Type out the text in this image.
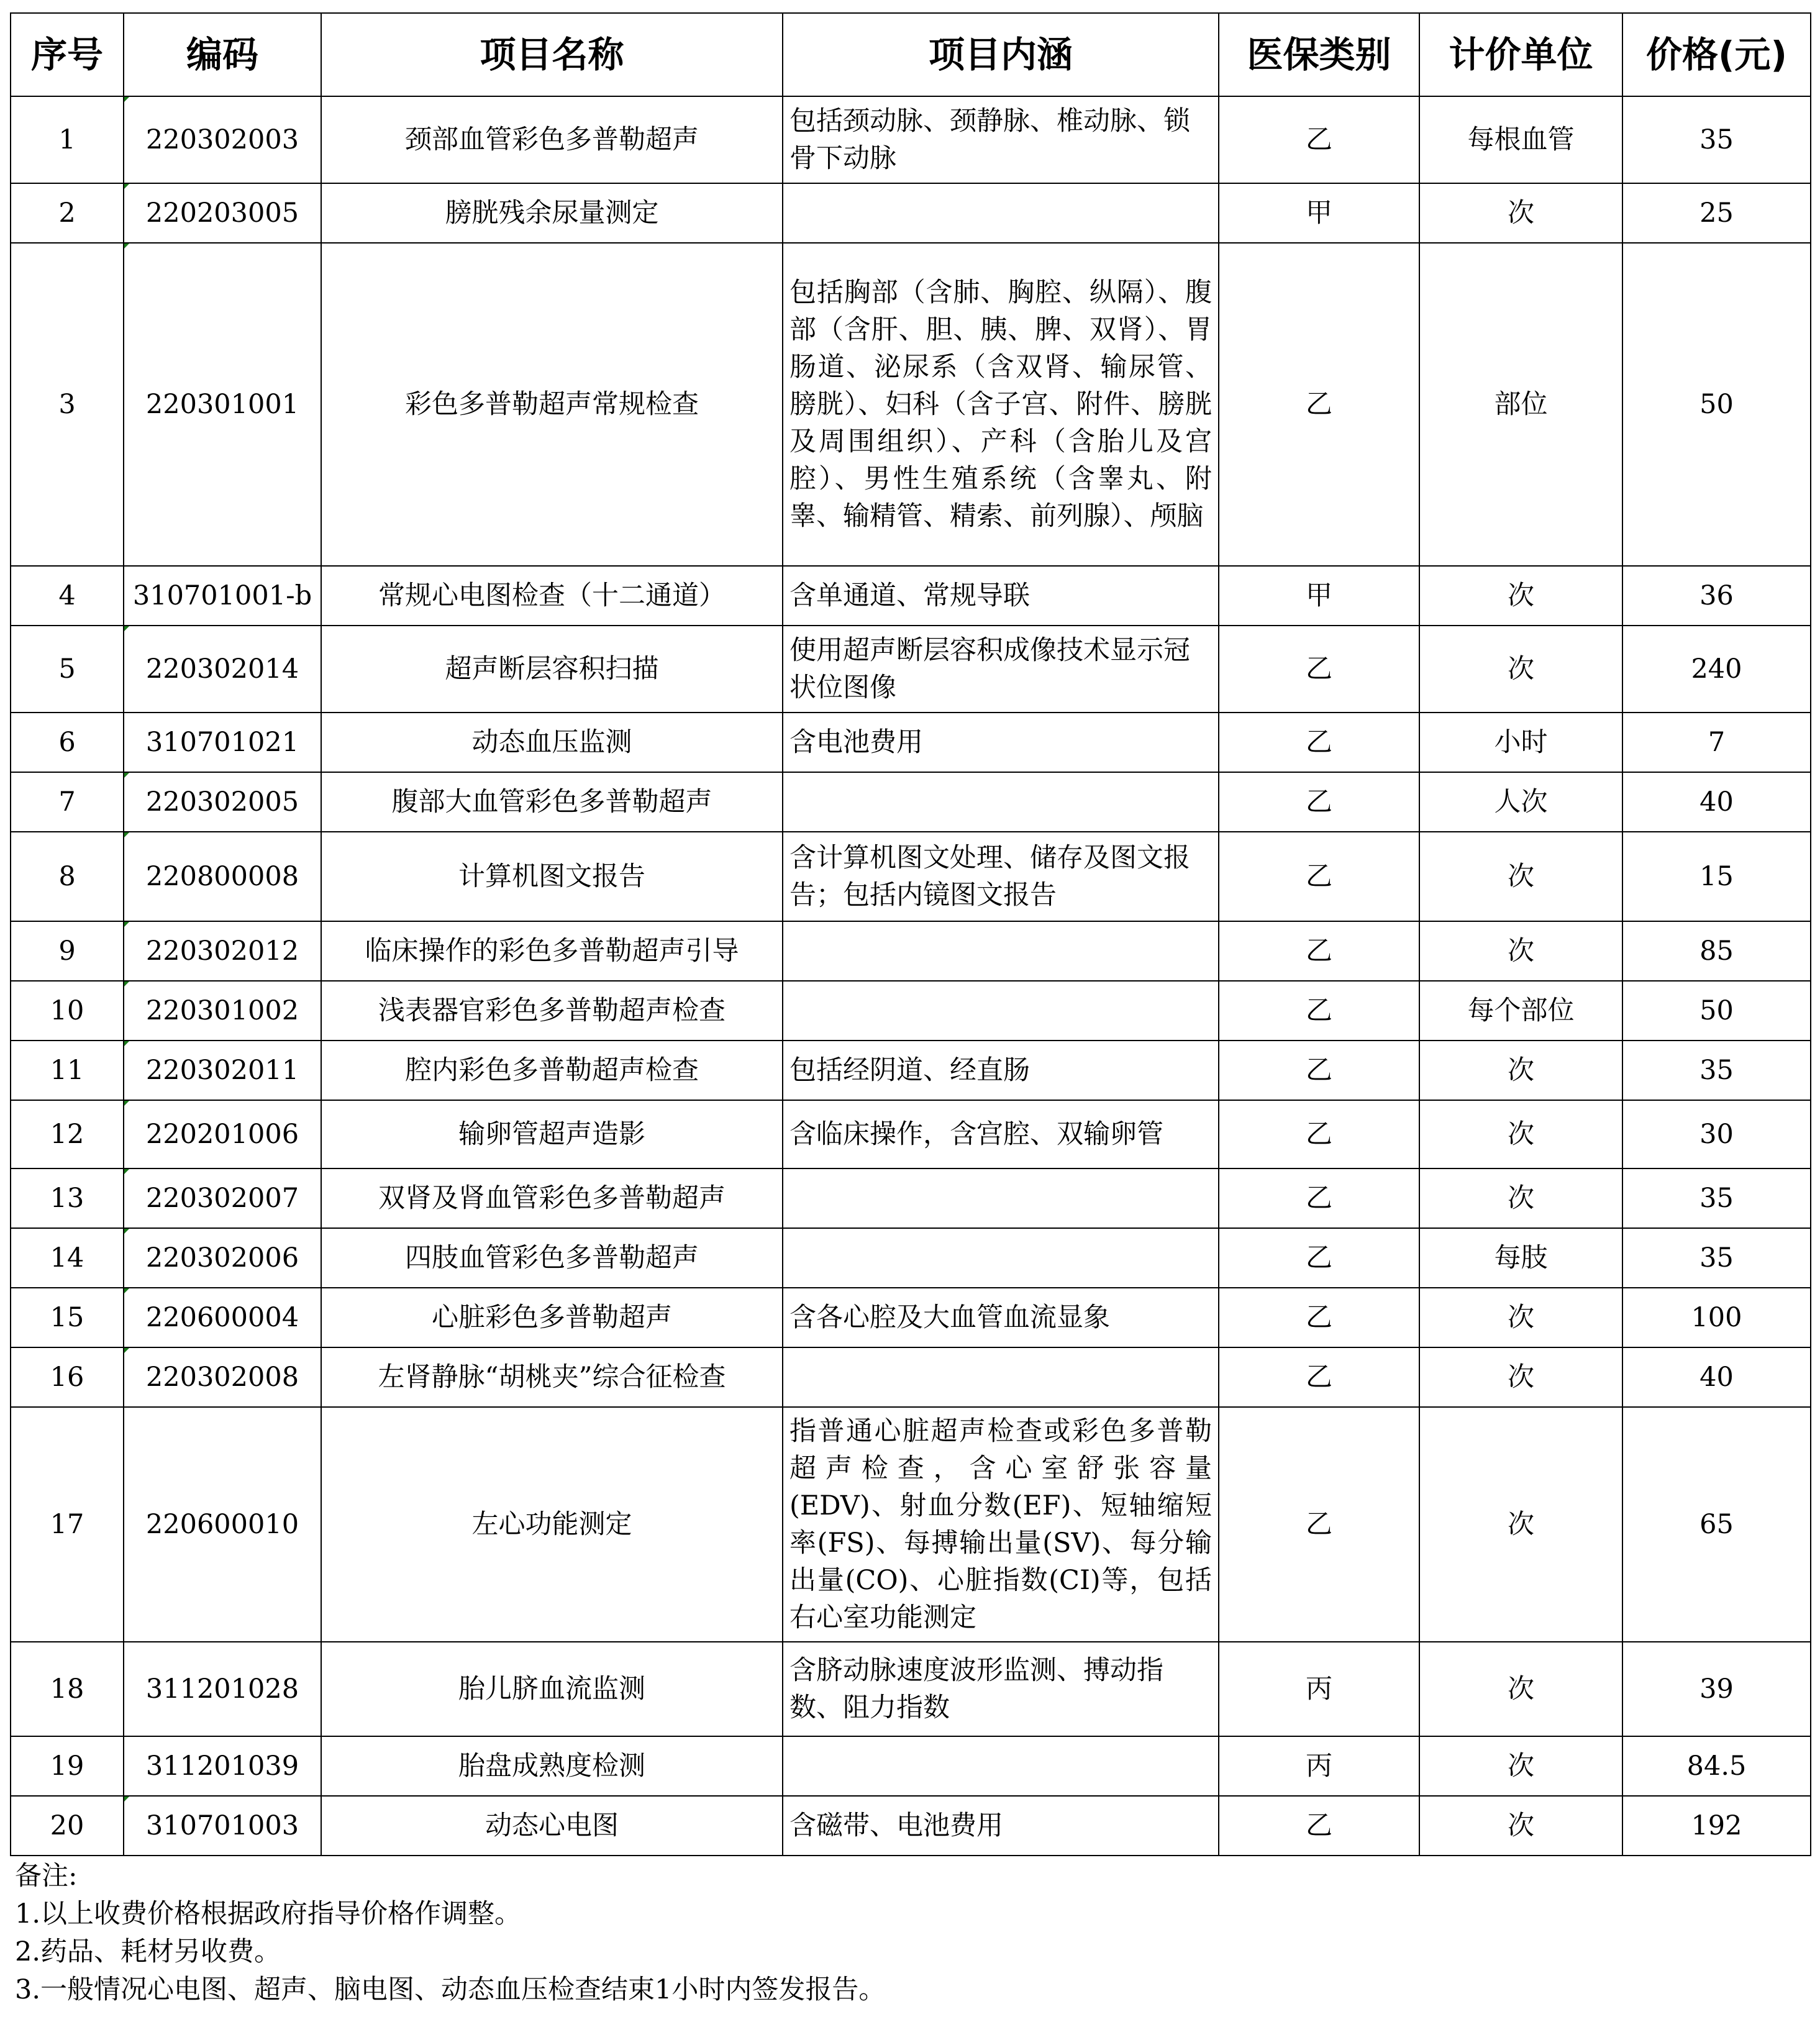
序号	编码	项目名称	项目内涵	医保类别	计价单位	价格(元)
1	220302003	颈部血管彩色多普勒超声	包括颈动脉、颈静脉、椎动脉、锁骨下动脉	乙	每根血管	35
2	220203005	膀胱残余尿量测定		甲	次	25
3	220301001	彩色多普勒超声常规检查	包括胸部（含肺、胸腔、纵隔）、腹部（含肝、胆、胰、脾、双肾）、胃肠道、泌尿系（含双肾、输尿管、膀胱）、妇科（含子宫、附件、膀胱及周围组织）、产科（含胎儿及宫腔）、男性生殖系统（含睾丸、附睾、输精管、精索、前列腺）、颅脑	乙	部位	50
4	310701001-b	常规心电图检查（十二通道）	含单通道、常规导联	甲	次	36
5	220302014	超声断层容积扫描	使用超声断层容积成像技术显示冠状位图像	乙	次	240
6	310701021	动态血压监测	含电池费用	乙	小时	7
7	220302005	腹部大血管彩色多普勒超声		乙	人次	40
8	220800008	计算机图文报告	含计算机图文处理、储存及图文报告；包括内镜图文报告	乙	次	15
9	220302012	临床操作的彩色多普勒超声引导		乙	次	85
10	220301002	浅表器官彩色多普勒超声检查		乙	每个部位	50
11	220302011	腔内彩色多普勒超声检查	包括经阴道、经直肠	乙	次	35
12	220201006	输卵管超声造影	含临床操作，含宫腔、双输卵管	乙	次	30
13	220302007	双肾及肾血管彩色多普勒超声		乙	次	35
14	220302006	四肢血管彩色多普勒超声		乙	每肢	35
15	220600004	心脏彩色多普勒超声	含各心腔及大血管血流显象	乙	次	100
16	220302008	左肾静脉“胡桃夹”综合征检查		乙	次	40
17	220600010	左心功能测定	指普通心脏超声检查或彩色多普勒超声检查，含心室舒张容量(EDV)、射血分数(EF)、短轴缩短率(FS)、每搏输出量(SV)、每分输出量(CO)、心脏指数(CI)等，包括右心室功能测定	乙	次	65
18	311201028	胎儿脐血流监测	含脐动脉速度波形监测、搏动指数、阻力指数	丙	次	39
19	311201039	胎盘成熟度检测		丙	次	84.5
20	310701003	动态心电图	含磁带、电池费用	乙	次	192
备注:
1.以上收费价格根据政府指导价格作调整。
2.药品、耗材另收费。
3.一般情况心电图、超声、脑电图、动态血压检查结束1小时内签发报告。
